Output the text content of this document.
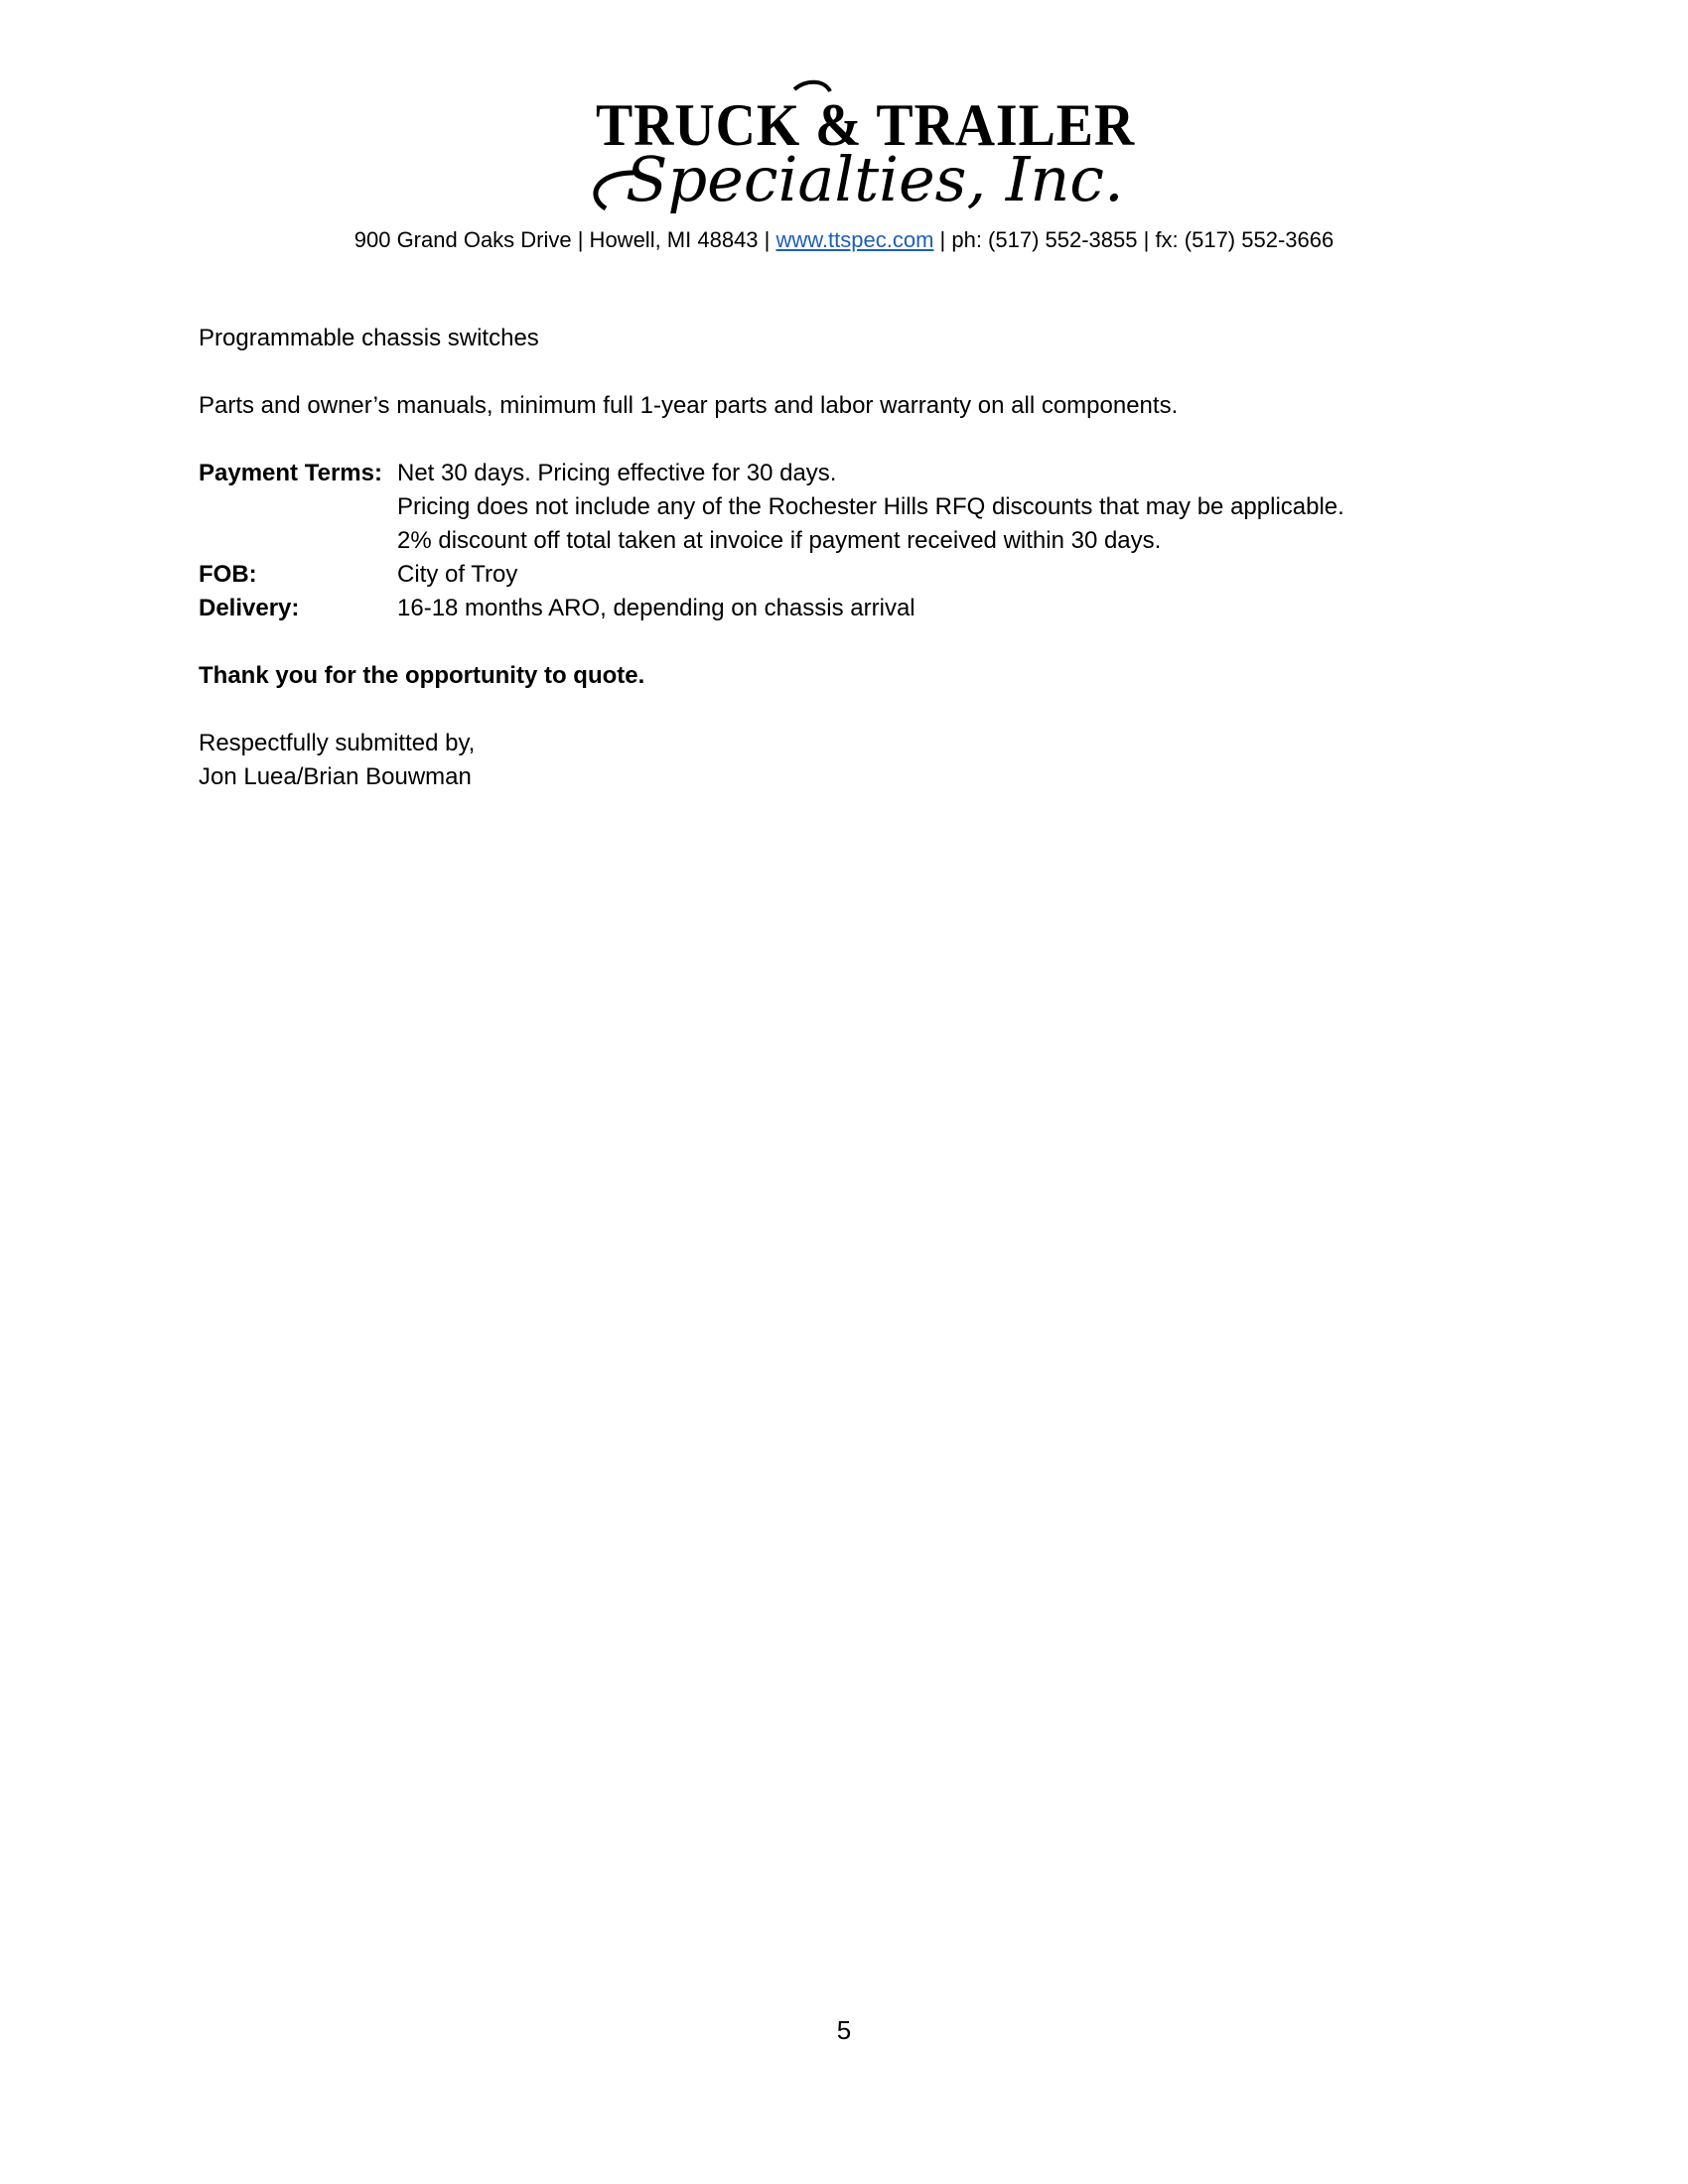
TRUCK & TRAILER
Specialties, Inc.
900 Grand Oaks Drive | Howell, MI 48843 | www.ttspec.com | ph: (517) 552-3855 | fx: (517) 552-3666
Programmable chassis switches
Parts and owner’s manuals, minimum full 1-year parts and labor warranty on all components.
Payment Terms: Net 30 days. Pricing effective for 30 days.
Pricing does not include any of the Rochester Hills RFQ discounts that may be applicable.
2% discount off total taken at invoice if payment received within 30 days.
FOB:	City of Troy
Delivery:	16-18 months ARO, depending on chassis arrival
Thank you for the opportunity to quote.
Respectfully submitted by,
Jon Luea/Brian Bouwman
5
